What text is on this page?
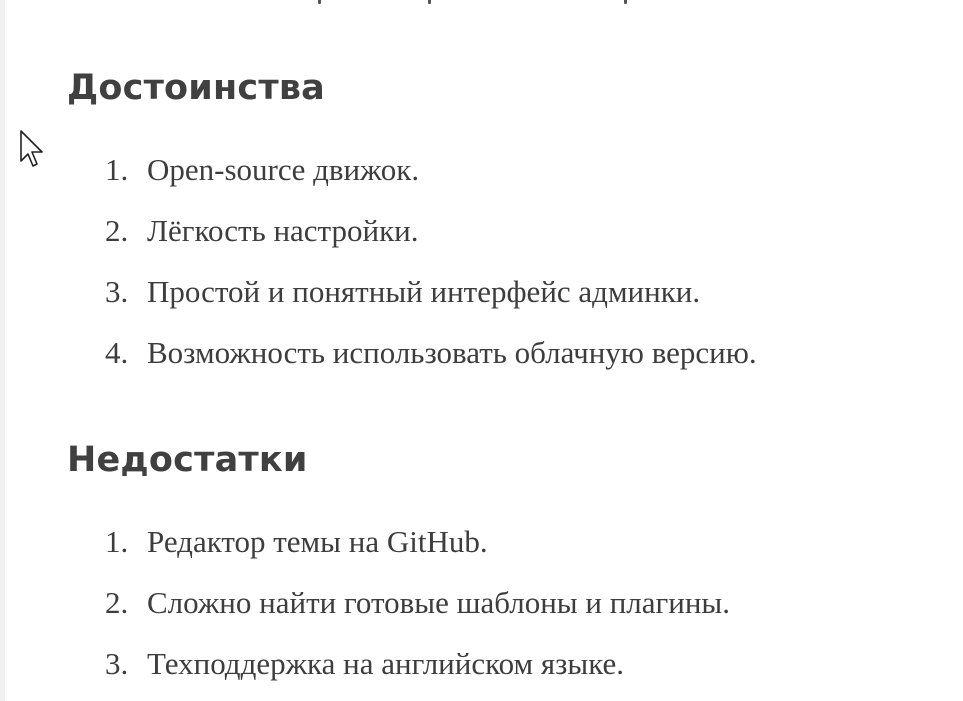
Достоинства
1. Open-source движок.
2. Лёгкость настройки.
3. Простой и понятный интерфейс админки.
4. Возможность использовать облачную версию.
Недостатки
1. Редактор темы на GitHub.
2. Сложно найти готовые шаблоны и плагины.
3. Техподдержка на английском языке.
